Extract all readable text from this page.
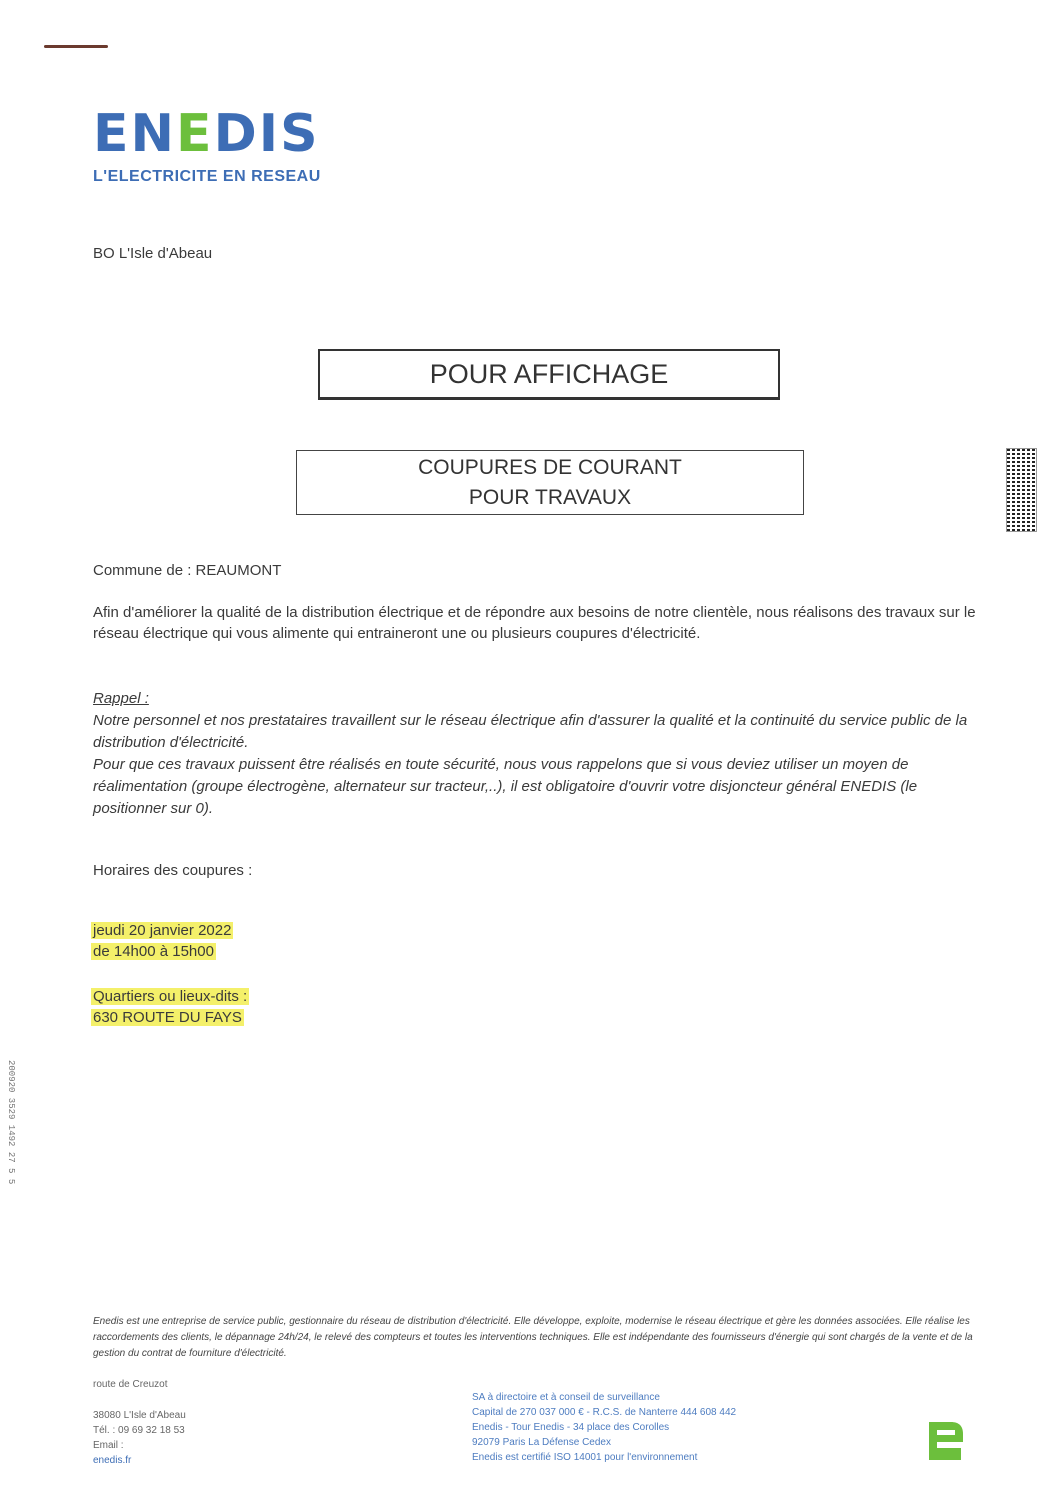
ENEDIS
L'ELECTRICITE EN RESEAU
BO L'Isle d'Abeau
POUR AFFICHAGE
COUPURES DE COURANT
POUR TRAVAUX
Commune de : REAUMONT
Afin d'améliorer la qualité de la distribution électrique et de répondre aux besoins de notre clientèle, nous réalisons des travaux sur le réseau électrique qui vous alimente qui entraineront une ou plusieurs coupures d'électricité.
Rappel :
Notre personnel et nos prestataires travaillent sur le réseau électrique afin d'assurer la qualité et la continuité du service public de la distribution d'électricité.
Pour que ces travaux puissent être réalisés en toute sécurité, nous vous rappelons que si vous deviez utiliser un moyen de réalimentation (groupe électrogène, alternateur sur tracteur,..), il est obligatoire d'ouvrir votre disjoncteur général ENEDIS (le positionner sur 0).
Horaires des coupures :
jeudi 20 janvier 2022
de 14h00 à 15h00
Quartiers ou lieux-dits :
630 ROUTE DU FAYS
200920 3529 1492 27 5 5
Enedis est une entreprise de service public, gestionnaire du réseau de distribution d'électricité. Elle développe, exploite, modernise le réseau électrique et gère les données associées. Elle réalise les raccordements des clients, le dépannage 24h/24, le relevé des compteurs et toutes les interventions techniques. Elle est indépendante des fournisseurs d'énergie qui sont chargés de la vente et de la gestion du contrat de fourniture d'électricité.
route de Creuzot
38080 L'Isle d'Abeau
Tél. : 09 69 32 18 53
Email :
enedis.fr
SA à directoire et à conseil de surveillance
Capital de 270 037 000 € - R.C.S. de Nanterre 444 608 442
Enedis - Tour Enedis - 34 place des Corolles
92079 Paris La Défense Cedex
Enedis est certifié ISO 14001 pour l'environnement
